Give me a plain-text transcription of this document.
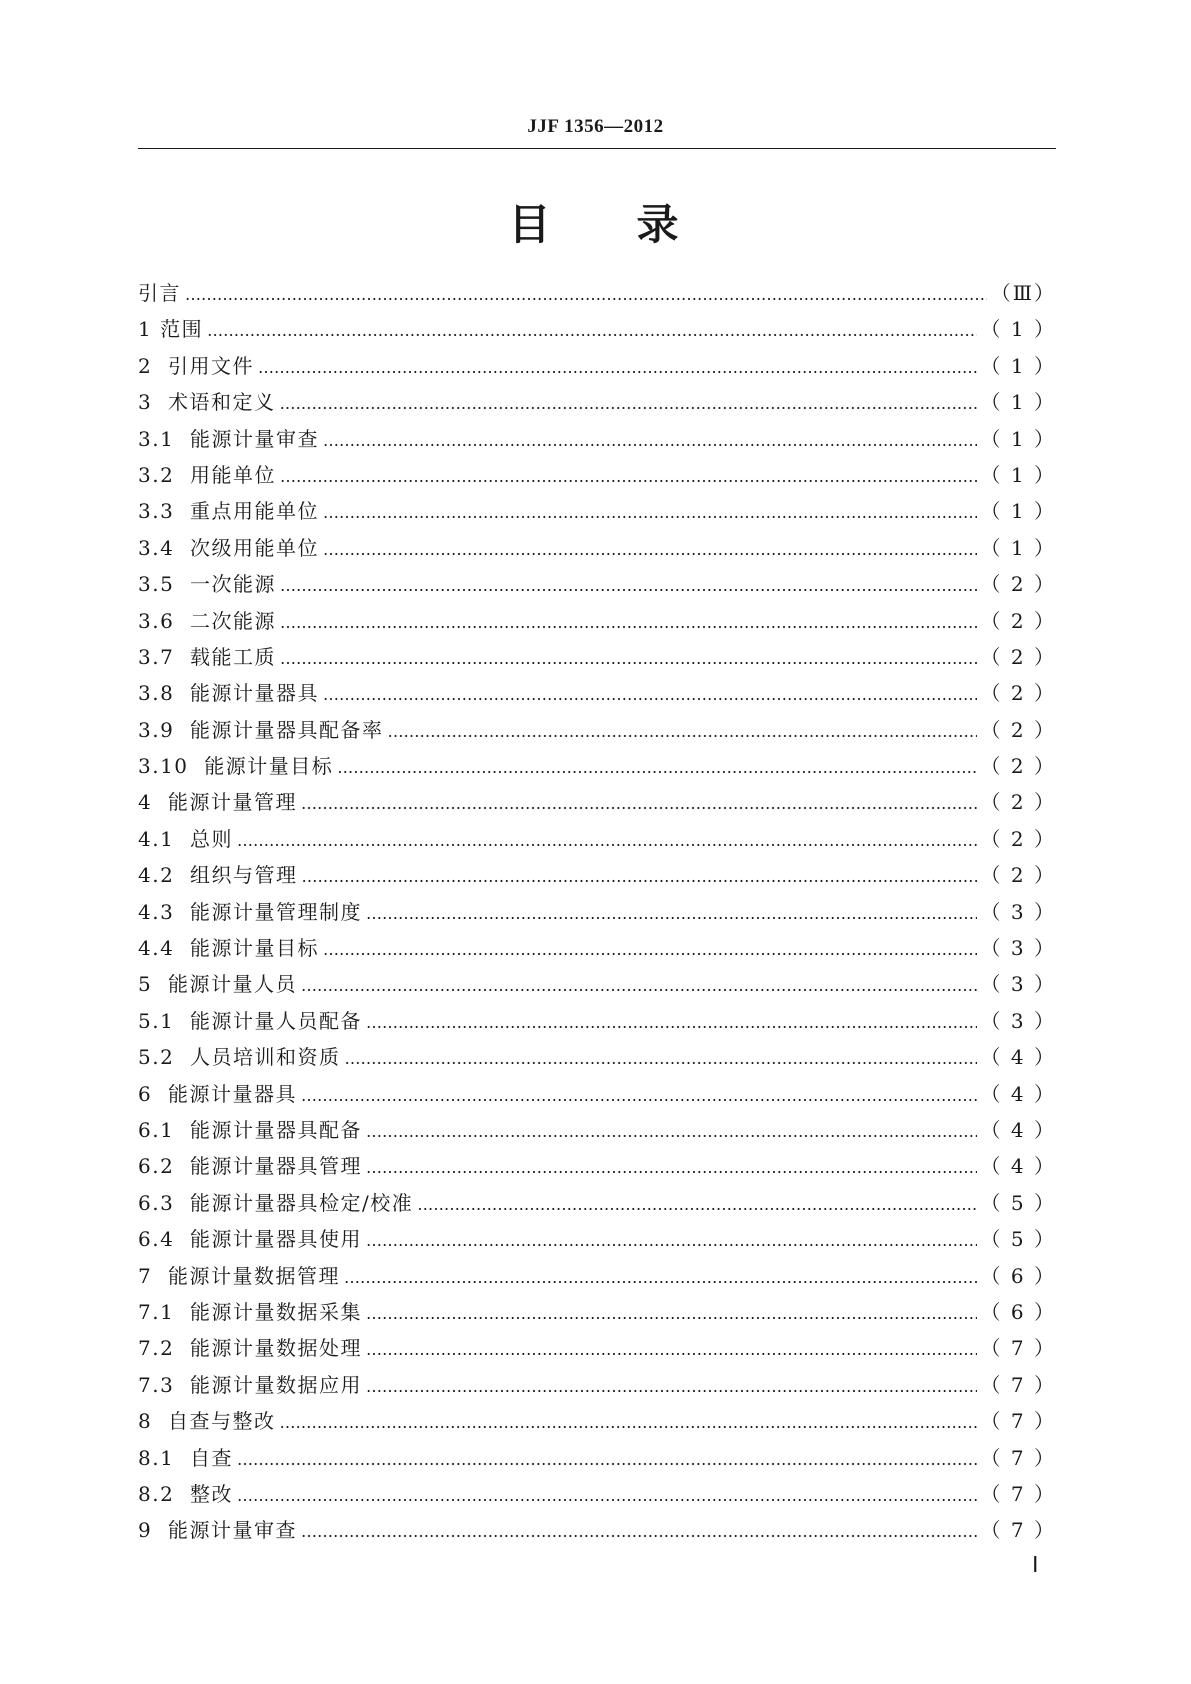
JJF 1356—2012
目 录
引言 ………………………………………………………………………………………………………………………………………………………………………………………………………………	（Ⅲ）
1 范围 ………………………………………………………………………………………………………………………………………………………………………………………………………………	（ 1 ）
2 引用文件 ………………………………………………………………………………………………………………………………………………………………………………………………………………	（ 1 ）
3 术语和定义 ………………………………………………………………………………………………………………………………………………………………………………………………………………	（ 1 ）
3.1 能源计量审查 ………………………………………………………………………………………………………………………………………………………………………………………………………………	（ 1 ）
3.2 用能单位 ………………………………………………………………………………………………………………………………………………………………………………………………………………	（ 1 ）
3.3 重点用能单位 ………………………………………………………………………………………………………………………………………………………………………………………………………………	（ 1 ）
3.4 次级用能单位 ………………………………………………………………………………………………………………………………………………………………………………………………………………	（ 1 ）
3.5 一次能源 ………………………………………………………………………………………………………………………………………………………………………………………………………………	（ 2 ）
3.6 二次能源 ………………………………………………………………………………………………………………………………………………………………………………………………………………	（ 2 ）
3.7 载能工质 ………………………………………………………………………………………………………………………………………………………………………………………………………………	（ 2 ）
3.8 能源计量器具 ………………………………………………………………………………………………………………………………………………………………………………………………………………	（ 2 ）
3.9 能源计量器具配备率 ………………………………………………………………………………………………………………………………………………………………………………………………………………	（ 2 ）
3.10 能源计量目标 ………………………………………………………………………………………………………………………………………………………………………………………………………………	（ 2 ）
4 能源计量管理 ………………………………………………………………………………………………………………………………………………………………………………………………………………	（ 2 ）
4.1 总则 ………………………………………………………………………………………………………………………………………………………………………………………………………………	（ 2 ）
4.2 组织与管理 ………………………………………………………………………………………………………………………………………………………………………………………………………………	（ 2 ）
4.3 能源计量管理制度 ………………………………………………………………………………………………………………………………………………………………………………………………………………	（ 3 ）
4.4 能源计量目标 ………………………………………………………………………………………………………………………………………………………………………………………………………………	（ 3 ）
5 能源计量人员 ………………………………………………………………………………………………………………………………………………………………………………………………………………	（ 3 ）
5.1 能源计量人员配备 ………………………………………………………………………………………………………………………………………………………………………………………………………………	（ 3 ）
5.2 人员培训和资质 ………………………………………………………………………………………………………………………………………………………………………………………………………………	（ 4 ）
6 能源计量器具 ………………………………………………………………………………………………………………………………………………………………………………………………………………	（ 4 ）
6.1 能源计量器具配备 ………………………………………………………………………………………………………………………………………………………………………………………………………………	（ 4 ）
6.2 能源计量器具管理 ………………………………………………………………………………………………………………………………………………………………………………………………………………	（ 4 ）
6.3 能源计量器具检定/校准 ………………………………………………………………………………………………………………………………………………………………………………………………………………	（ 5 ）
6.4 能源计量器具使用 ………………………………………………………………………………………………………………………………………………………………………………………………………………	（ 5 ）
7 能源计量数据管理 ………………………………………………………………………………………………………………………………………………………………………………………………………………	（ 6 ）
7.1 能源计量数据采集 ………………………………………………………………………………………………………………………………………………………………………………………………………………	（ 6 ）
7.2 能源计量数据处理 ………………………………………………………………………………………………………………………………………………………………………………………………………………	（ 7 ）
7.3 能源计量数据应用 ………………………………………………………………………………………………………………………………………………………………………………………………………………	（ 7 ）
8 自查与整改 ………………………………………………………………………………………………………………………………………………………………………………………………………………	（ 7 ）
8.1 自查 ………………………………………………………………………………………………………………………………………………………………………………………………………………	（ 7 ）
8.2 整改 ………………………………………………………………………………………………………………………………………………………………………………………………………………	（ 7 ）
9 能源计量审查 ………………………………………………………………………………………………………………………………………………………………………………………………………………	（ 7 ）
Ⅰ
